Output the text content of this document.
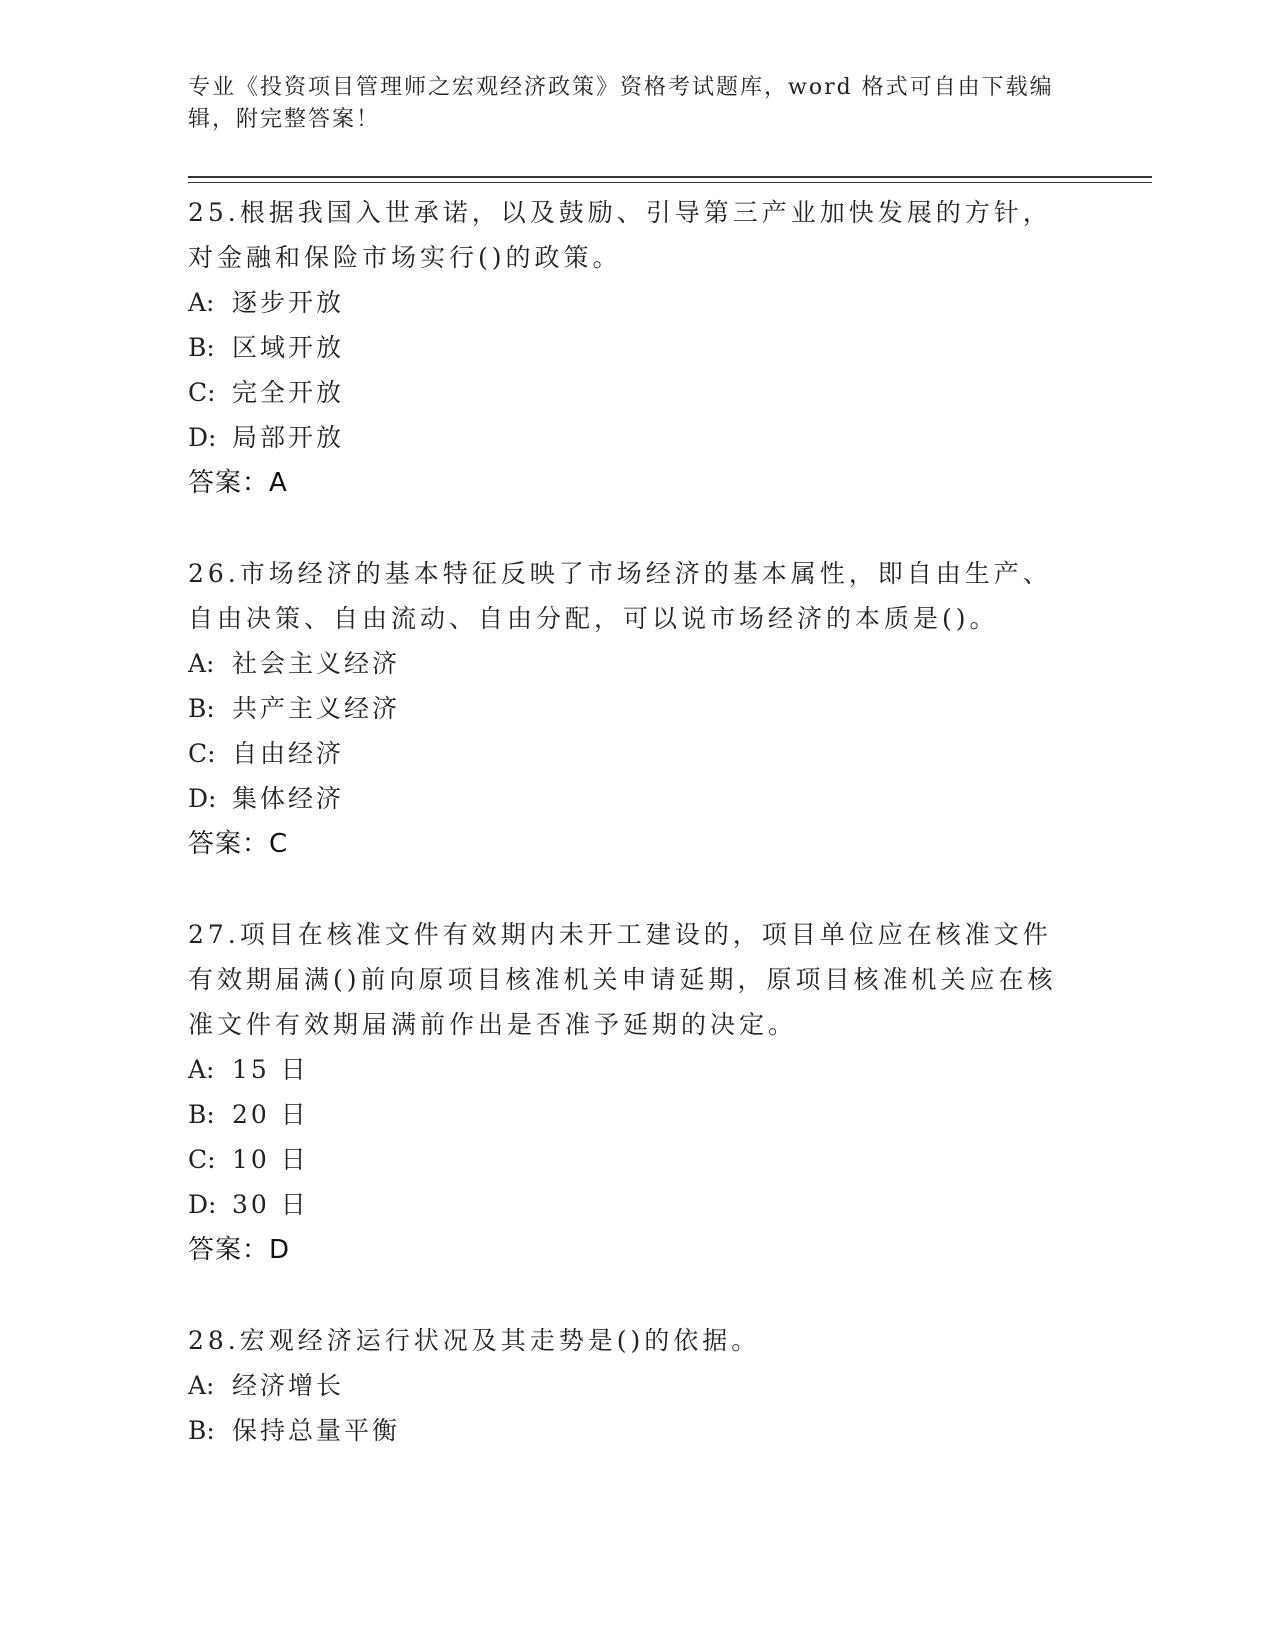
专业《投资项目管理师之宏观经济政策》资格考试题库，word 格式可自由下载编
辑，附完整答案！
25.根据我国入世承诺，以及鼓励、引导第三产业加快发展的方针，对金融和保险市场实行()的政策。
A: 逐步开放
B: 区域开放
C: 完全开放
D: 局部开放
答案：A
26.市场经济的基本特征反映了市场经济的基本属性，即自由生产、自由决策、自由流动、自由分配，可以说市场经济的本质是()。
A: 社会主义经济
B: 共产主义经济
C: 自由经济
D: 集体经济
答案：C
27.项目在核准文件有效期内未开工建设的，项目单位应在核准文件有效期届满()前向原项目核准机关申请延期，原项目核准机关应在核准文件有效期届满前作出是否准予延期的决定。
A: 15 日
B: 20 日
C: 10 日
D: 30 日
答案：D
28.宏观经济运行状况及其走势是()的依据。
A: 经济增长
B: 保持总量平衡
